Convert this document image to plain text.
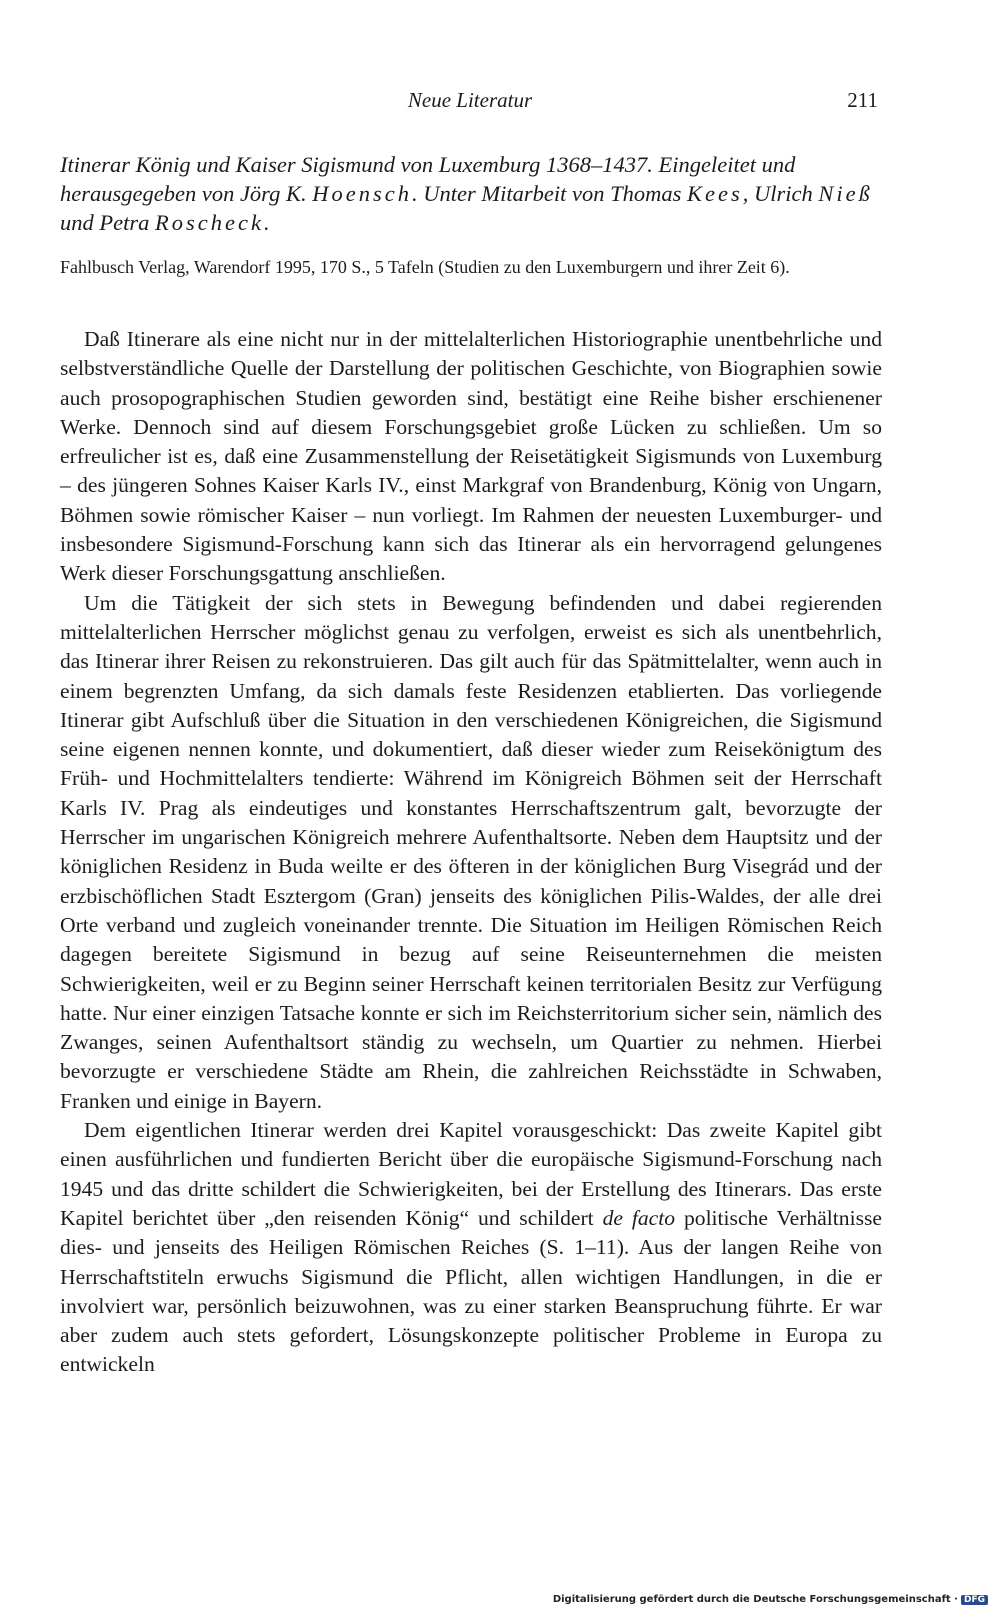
Neue Literatur	211
Itinerar König und Kaiser Sigismund von Luxemburg 1368–1437. Eingeleitet und herausgegeben von Jörg K. Hoensch. Unter Mitarbeit von Thomas Kees, Ulrich Nieß und Petra Roscheck.
Fahlbusch Verlag, Warendorf 1995, 170 S., 5 Tafeln (Studien zu den Luxemburgern und ihrer Zeit 6).

Daß Itinerare als eine nicht nur in der mittelalterlichen Historiographie unentbehrliche und selbstverständliche Quelle der Darstellung der politischen Geschichte, von Biographien sowie auch prosopographischen Studien geworden sind, bestätigt eine Reihe bisher erschienener Werke. Dennoch sind auf diesem Forschungsgebiet große Lücken zu schließen. Um so erfreulicher ist es, daß eine Zusammenstellung der Reisetätigkeit Sigismunds von Luxemburg – des jüngeren Sohnes Kaiser Karls IV., einst Markgraf von Brandenburg, König von Ungarn, Böhmen sowie römischer Kaiser – nun vorliegt. Im Rahmen der neuesten Luxemburger- und insbesondere Sigismund-Forschung kann sich das Itinerar als ein hervorragend gelungenes Werk dieser Forschungsgattung anschließen.

Um die Tätigkeit der sich stets in Bewegung befindenden und dabei regierenden mittelalterlichen Herrscher möglichst genau zu verfolgen, erweist es sich als unentbehrlich, das Itinerar ihrer Reisen zu rekonstruieren. Das gilt auch für das Spätmittelalter, wenn auch in einem begrenzten Umfang, da sich damals feste Residenzen etablierten. Das vorliegende Itinerar gibt Aufschluß über die Situation in den verschiedenen Königreichen, die Sigismund seine eigenen nennen konnte, und dokumentiert, daß dieser wieder zum Reisekönigtum des Früh- und Hochmittelalters tendierte: Während im Königreich Böhmen seit der Herrschaft Karls IV. Prag als eindeutiges und konstantes Herrschaftszentrum galt, bevorzugte der Herrscher im ungarischen Königreich mehrere Aufenthaltsorte. Neben dem Hauptsitz und der königlichen Residenz in Buda weilte er des öfteren in der königlichen Burg Visegrád und der erzbischöflichen Stadt Esztergom (Gran) jenseits des königlichen Pilis-Waldes, der alle drei Orte verband und zugleich voneinander trennte. Die Situation im Heiligen Römischen Reich dagegen bereitete Sigismund in bezug auf seine Reiseunternehmen die meisten Schwierigkeiten, weil er zu Beginn seiner Herrschaft keinen territorialen Besitz zur Verfügung hatte. Nur einer einzigen Tatsache konnte er sich im Reichsterritorium sicher sein, nämlich des Zwanges, seinen Aufenthaltsort ständig zu wechseln, um Quartier zu nehmen. Hierbei bevorzugte er verschiedene Städte am Rhein, die zahlreichen Reichsstädte in Schwaben, Franken und einige in Bayern.

Dem eigentlichen Itinerar werden drei Kapitel vorausgeschickt: Das zweite Kapitel gibt einen ausführlichen und fundierten Bericht über die europäische Sigismund-Forschung nach 1945 und das dritte schildert die Schwierigkeiten, bei der Erstellung des Itinerars. Das erste Kapitel berichtet über „den reisenden König“ und schildert de facto politische Verhältnisse dies- und jenseits des Heiligen Römischen Reiches (S. 1–11). Aus der langen Reihe von Herrschaftstiteln erwuchs Sigismund die Pflicht, allen wichtigen Handlungen, in die er involviert war, persönlich beizuwohnen, was zu einer starken Beanspruchung führte. Er war aber zudem auch stets gefordert, Lösungskonzepte politischer Probleme in Europa zu entwickeln

Digitalisierung gefördert durch die Deutsche Forschungsgemeinschaft · DFG
